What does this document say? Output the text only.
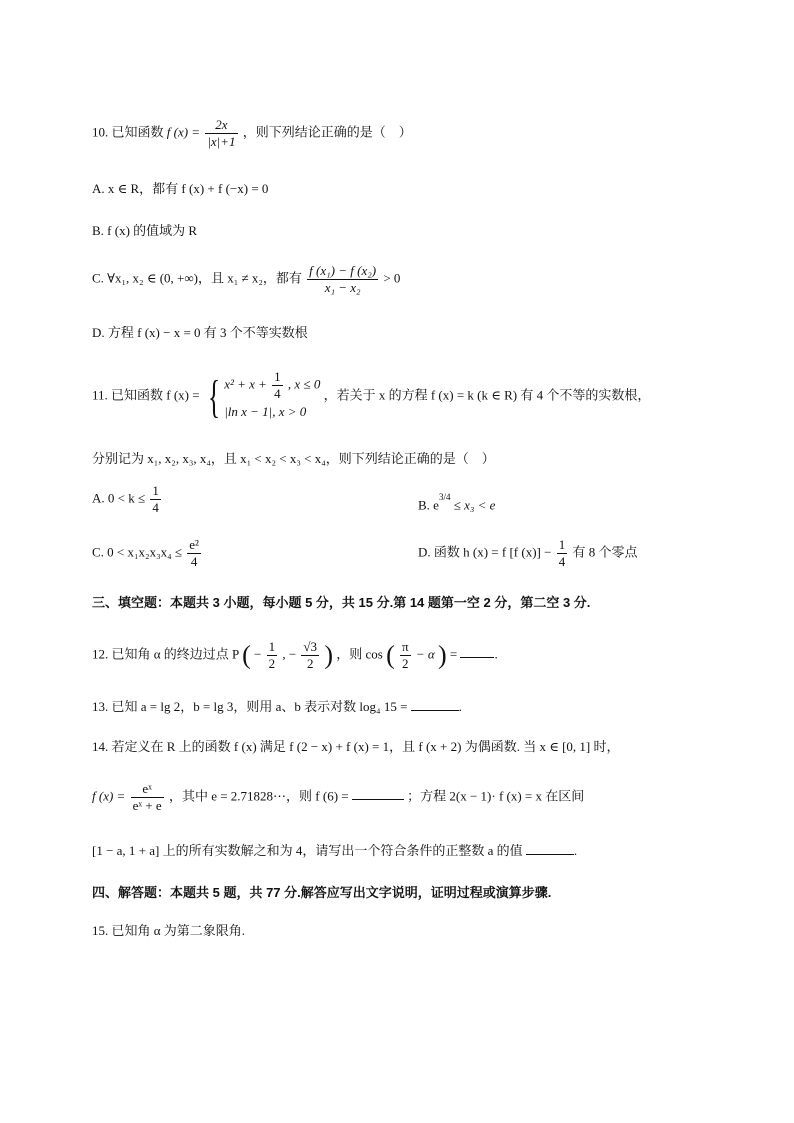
10. 已知函数 f $(x) = \frac{2x}{|x|+1}$ ，则下列结论正确的是（　）
A. x ∈ R，都有 f (x) + f (−x) = 0
B. f (x) 的值域为 R
C. ∀x₁, x₂ ∈ (0, +∞)，且 x₁ ≠ x₂，都有 $\frac{\text{f (x₁) − f (x₂)}}{\text{x₁ − x₂}} > 0$
D. 方程 f (x) − x = 0 有 3 个不等实数根
11. 已知函数 f (x) = { $x^2 + x + \frac{1}{4}$ , x ≤ 0
|ln x − 1|, x > 0
，若关于 x 的方程 f (x) = k (k ∈ R) 有 4 个不等的实数根，
分别记为 x₁, x₂, x₃, x₄，且 x₁ < x₂ < x₃ < x₄，则下列结论正确的是（　）
A. $0 < k \le \frac{1}{4}$	B. $e^{3/4} \le x_3 < e$
C. $0 < x_1x_2x_3x_4 \le \frac{\text{e²}}{4}$	D. 函数 h (x) = f [f $(x)] - \frac{1}{4}$ 有 8 个零点
三、填空题：本题共 3 小题，每小题 5 分，共 15 分.第 14 题第一空 2 分，第二空 3 分.
12. 已知角 α 的终边过点 P ( − $\frac{1}{2}$ , − $\frac{√3}{2}$ ) ，则 cos ( $\frac{\pi}{2} - \alpha$ ) =	.
13. 已知 a = lg 2，b = lg 3，则用 a、b 表示对数 log₄ 15 =	.
14. 若定义在 R 上的函数 f (x) 满足 f (2 − x) + f (x) = 1，且 f (x + 2) 为偶函数. 当 x ∈ [0, 1] 时，
f $(x) = \frac{\text{eˣ}}{\text{eˣ + e}}$ ，其中 e = 2.71828⋯，则 f (6) =	；方程 2(x − 1)· f (x) = x 在区间
[1 − a, 1 + a] 上的所有实数解之和为 4，请写出一个符合条件的正整数 a 的值	.
四、解答题：本题共 5 题，共 77 分.解答应写出文字说明，证明过程或演算步骤.
15. 已知角 α 为第二象限角.
